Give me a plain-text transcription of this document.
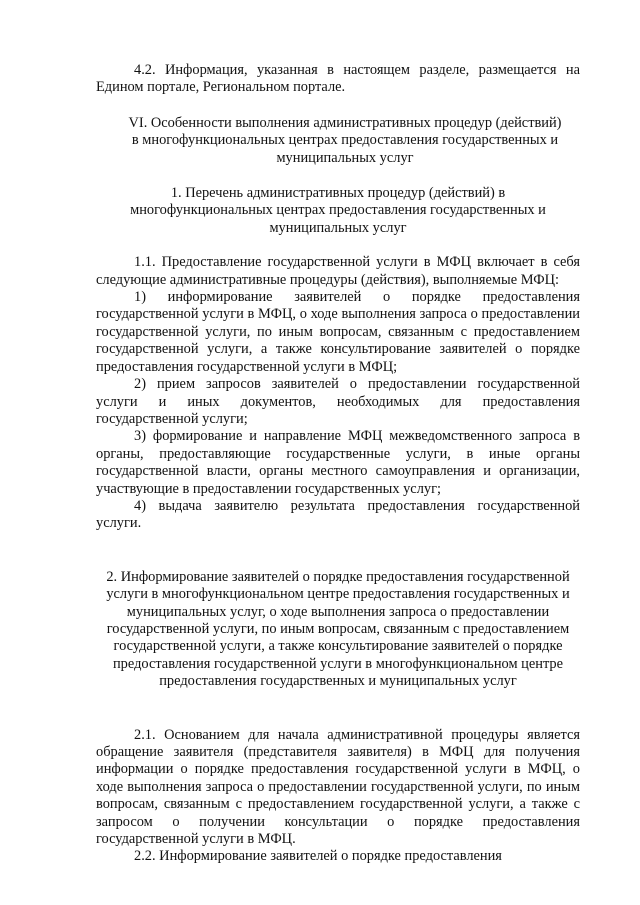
4.2. Информация, указанная в настоящем разделе, размещается на Едином портале, Региональном портале.

VI. Особенности выполнения административных процедур (действий) в многофункциональных центрах предоставления государственных и муниципальных услуг

1. Перечень административных процедур (действий) в многофункциональных центрах предоставления государственных и муниципальных услуг

1.1. Предоставление государственной услуги в МФЦ включает в себя следующие административные процедуры (действия), выполняемые МФЦ:

1) информирование заявителей о порядке предоставления государственной услуги в МФЦ, о ходе выполнения запроса о предоставлении государственной услуги, по иным вопросам, связанным с предоставлением государственной услуги, а также консультирование заявителей о порядке предоставления государственной услуги в МФЦ;

2) прием запросов заявителей о предоставлении государственной услуги и иных документов, необходимых для предоставления государственной услуги;

3) формирование и направление МФЦ межведомственного запроса в органы, предоставляющие государственные услуги, в иные органы государственной власти, органы местного самоуправления и организации, участвующие в предоставлении государственных услуг;

4) выдача заявителю результата предоставления государственной услуги.

2. Информирование заявителей о порядке предоставления государственной услуги в многофункциональном центре предоставления государственных и муниципальных услуг, о ходе выполнения запроса о предоставлении государственной услуги, по иным вопросам, связанным с предоставлением государственной услуги, а также консультирование заявителей о порядке предоставления государственной услуги в многофункциональном центре предоставления государственных и муниципальных услуг

2.1. Основанием для начала административной процедуры является обращение заявителя (представителя заявителя) в МФЦ для получения информации о порядке предоставления государственной услуги в МФЦ, о ходе выполнения запроса о предоставлении государственной услуги, по иным вопросам, связанным с предоставлением государственной услуги, а также с запросом о получении консультации о порядке предоставления государственной услуги в МФЦ.

2.2. Информирование заявителей о порядке предоставления
